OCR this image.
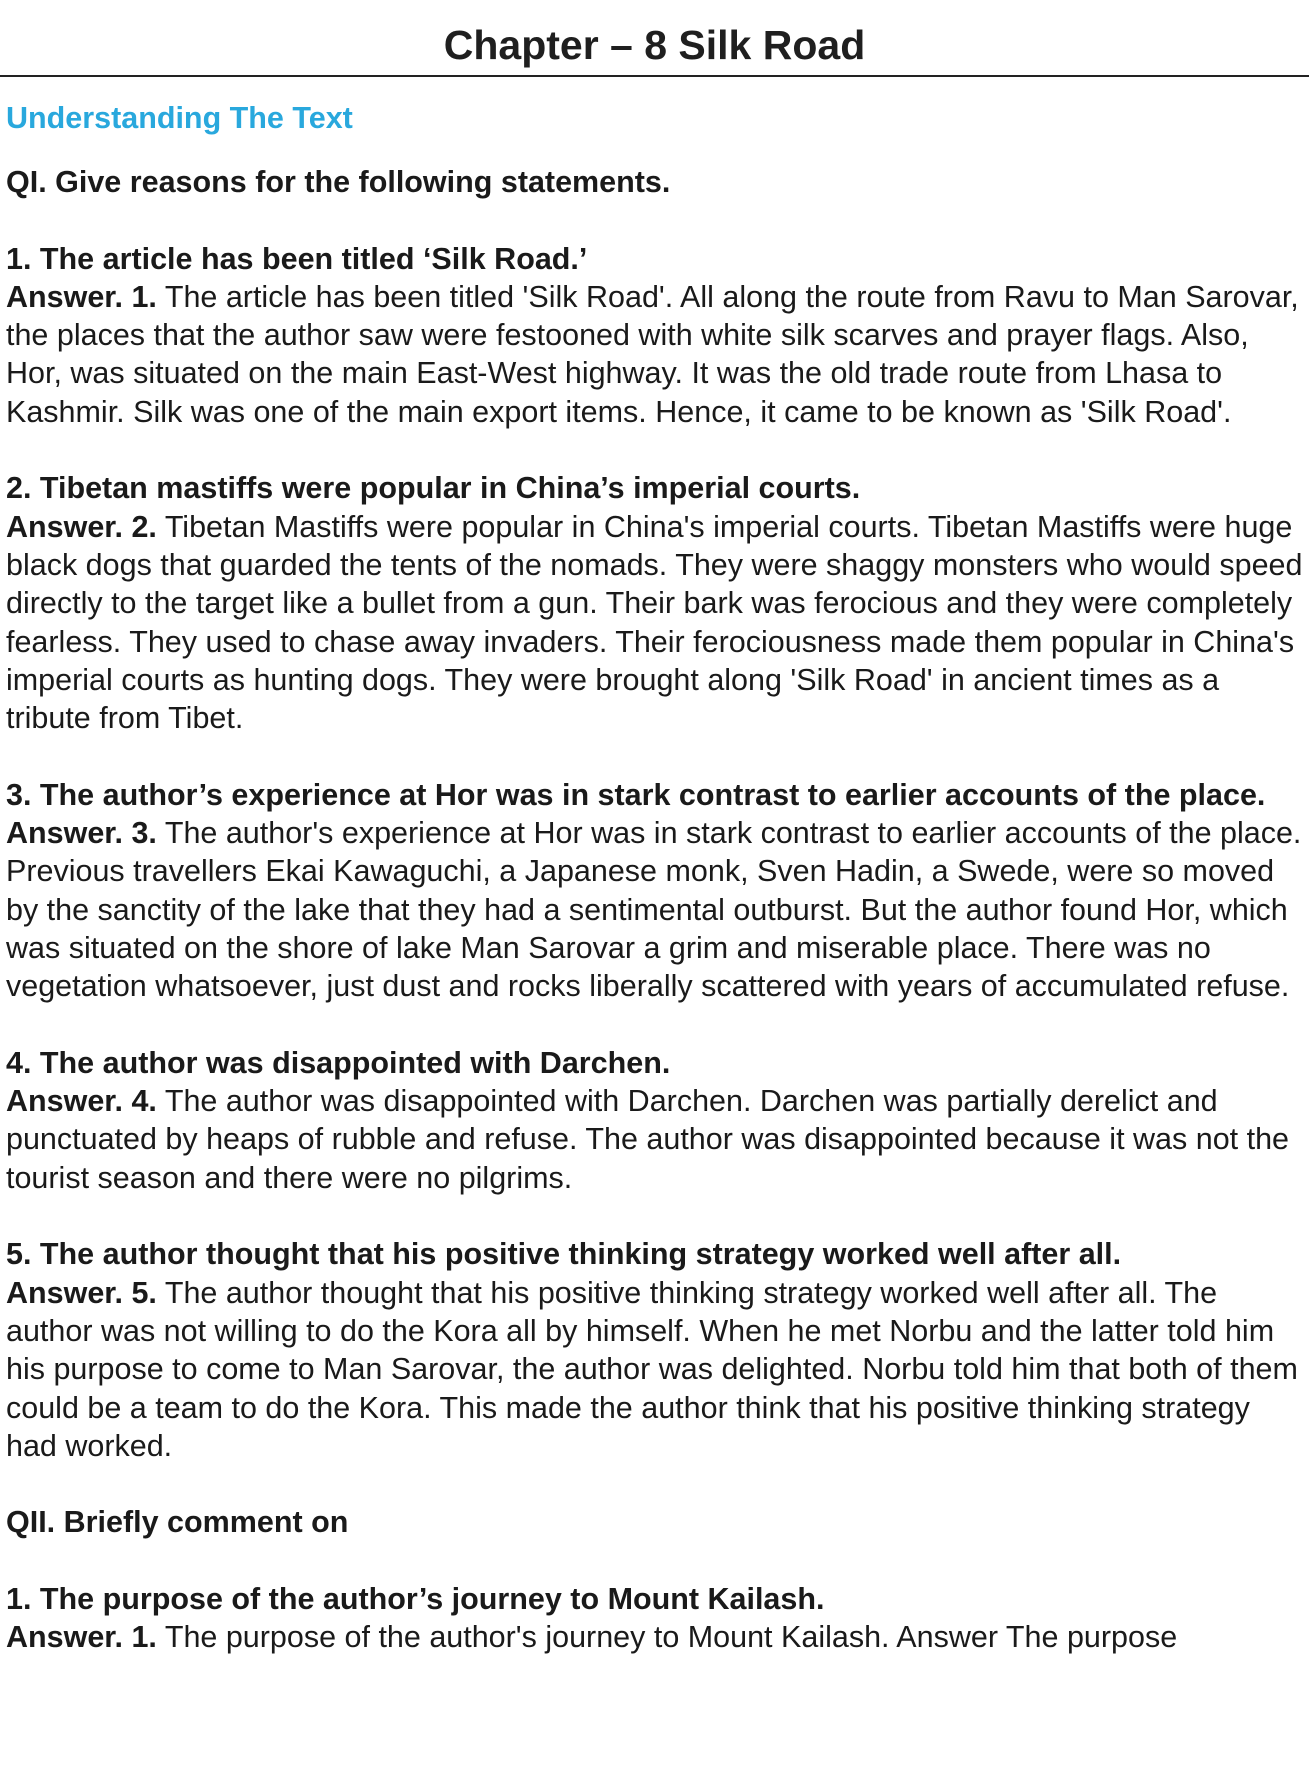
Chapter – 8 Silk Road
Understanding The Text
QI. Give reasons for the following statements.

1. The article has been titled ‘Silk Road.’

Answer. 1. The article has been titled 'Silk Road'. All along the route from Ravu to Man Sarovar, the places that the author saw were festooned with white silk scarves and prayer flags. Also, Hor, was situated on the main East-West highway. It was the old trade route from Lhasa to Kashmir. Silk was one of the main export items. Hence, it came to be known as 'Silk Road'.

2. Tibetan mastiffs were popular in China’s imperial courts.

Answer. 2. Tibetan Mastiffs were popular in China's imperial courts. Tibetan Mastiffs were huge black dogs that guarded the tents of the nomads. They were shaggy monsters who would speed directly to the target like a bullet from a gun. Their bark was ferocious and they were completely fearless. They used to chase away invaders. Their ferociousness made them popular in China's imperial courts as hunting dogs. They were brought along 'Silk Road' in ancient times as a tribute from Tibet.

3. The author’s experience at Hor was in stark contrast to earlier accounts of the place.

Answer. 3. The author's experience at Hor was in stark contrast to earlier accounts of the place. Previous travellers Ekai Kawaguchi, a Japanese monk, Sven Hadin, a Swede, were so moved by the sanctity of the lake that they had a sentimental outburst. But the author found Hor, which was situated on the shore of lake Man Sarovar a grim and miserable place. There was no vegetation whatsoever, just dust and rocks liberally scattered with years of accumulated refuse.

4. The author was disappointed with Darchen.

Answer. 4. The author was disappointed with Darchen. Darchen was partially derelict and punctuated by heaps of rubble and refuse. The author was disappointed because it was not the tourist season and there were no pilgrims.

5. The author thought that his positive thinking strategy worked well after all.

Answer. 5. The author thought that his positive thinking strategy worked well after all. The author was not willing to do the Kora all by himself. When he met Norbu and the latter told him his purpose to come to Man Sarovar, the author was delighted. Norbu told him that both of them could be a team to do the Kora. This made the author think that his positive thinking strategy had worked.

QII. Briefly comment on

1. The purpose of the author’s journey to Mount Kailash.

Answer. 1. The purpose of the author's journey to Mount Kailash. Answer The purpose
